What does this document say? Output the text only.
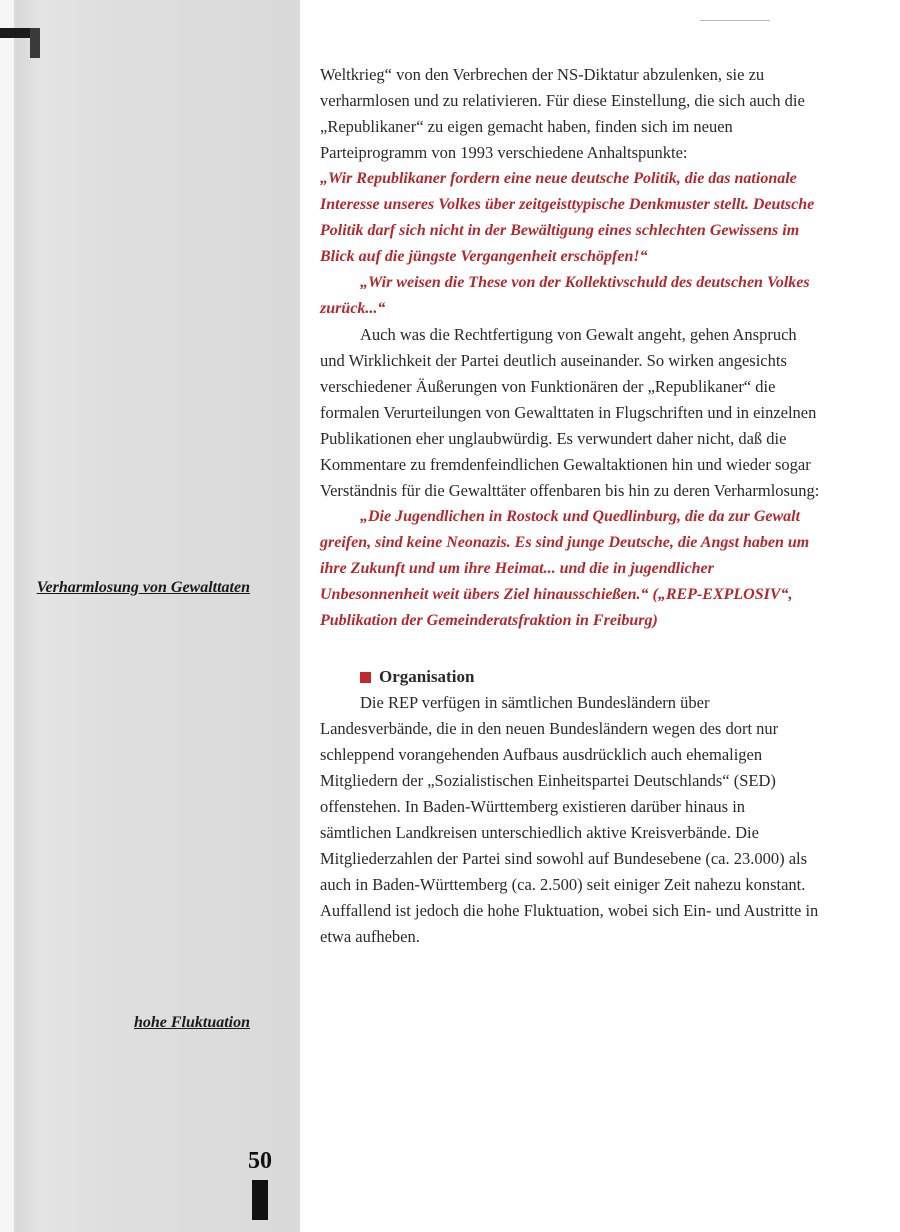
Weltkrieg“ von den Verbrechen der NS-Diktatur abzulenken, sie zu verharmlosen und zu relativieren. Für diese Einstellung, die sich auch die „Republikaner“ zu eigen gemacht haben, finden sich im neuen Parteiprogramm von 1993 verschiedene Anhaltspunkte:

„Wir Republikaner fordern eine neue deutsche Politik, die das nationale Interesse unseres Volkes über zeitgeisttypische Denkmuster stellt. Deutsche Politik darf sich nicht in der Bewältigung eines schlechten Gewissens im Blick auf die jüngste Vergangenheit erschöpfen!“

„Wir weisen die These von der Kollektivschuld des deutschen Volkes zurück...“

Auch was die Rechtfertigung von Gewalt angeht, gehen Anspruch und Wirklichkeit der Partei deutlich auseinander. So wirken angesichts verschiedener Äußerungen von Funktionären der „Republikaner“ die formalen Verurteilungen von Gewalttaten in Flugschriften und in einzelnen Publikationen eher unglaubwürdig. Es verwundert daher nicht, daß die Kommentare zu fremdenfeindlichen Gewaltaktionen hin und wieder sogar Verständnis für die Gewalttäter offenbaren bis hin zu deren Verharmlosung:

„Die Jugendlichen in Rostock und Quedlinburg, die da zur Gewalt greifen, sind keine Neonazis. Es sind junge Deutsche, die Angst haben um ihre Zukunft und um ihre Heimat... und die in jugendlicher Unbesonnenheit weit übers Ziel hinausschießen.“ („REP-EXPLOSIV“, Publikation der Gemeinderatsfraktion in Freiburg)

Organisation

Die REP verfügen in sämtlichen Bundesländern über Landesverbände, die in den neuen Bundesländern wegen des dort nur schleppend vorangehenden Aufbaus ausdrücklich auch ehemaligen Mitgliedern der „Sozialistischen Einheitspartei Deutschlands“ (SED) offenstehen. In Baden-Württemberg existieren darüber hinaus in sämtlichen Landkreisen unterschiedlich aktive Kreisverbände. Die Mitgliederzahlen der Partei sind sowohl auf Bundesebene (ca. 23.000) als auch in Baden-Württemberg (ca. 2.500) seit einiger Zeit nahezu konstant. Auffallend ist jedoch die hohe Fluktuation, wobei sich Ein- und Austritte in etwa aufheben.

Verharmlosung von Gewalttaten
hohe Fluktuation
50
